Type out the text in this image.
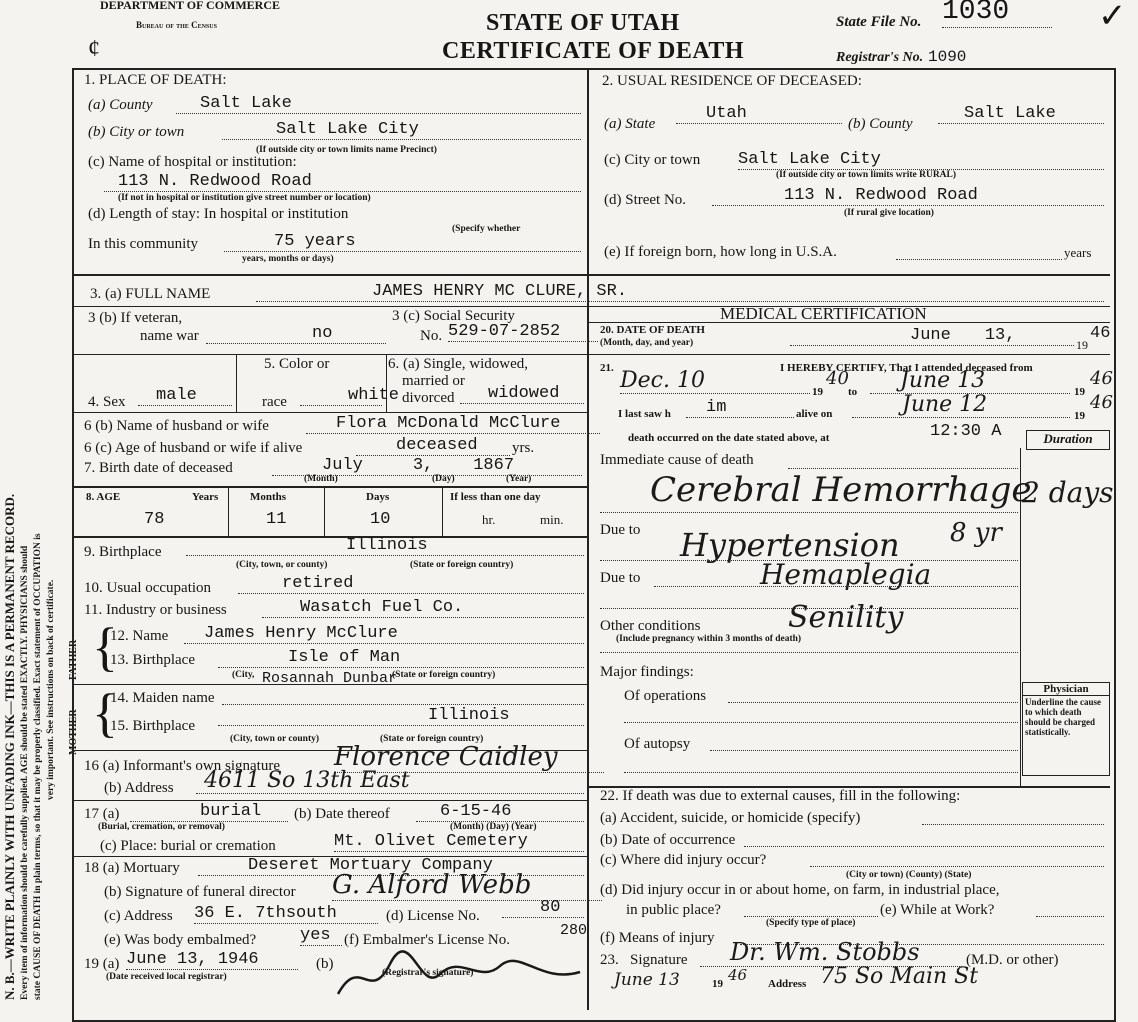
N. B.—WRITE PLAINLY WITH UNFADING INK—THIS IS A PERMANENT RECORD. Every item of information should be carefully supplied. AGE should be stated EXACTLY. PHYSICIANS should state CAUSE OF DEATH in plain terms, so that it may be properly classified. Exact statement of OCCUPATION is very important. See instructions on back of certificate. FATHER
MOTHER
DEPARTMENT OF COMMERCE
Bureau of the Census
¢
STATE OF UTAH
CERTIFICATE OF DEATH
State File No. 1030	✓
Registrar's No. 1090
1. PLACE OF DEATH:
(a) County	Salt Lake
(b) City or town	Salt Lake City
(If outside city or town limits name Precinct)
(c) Name of hospital or institution:
113 N. Redwood Road
(If not in hospital or institution give street number or location)
(d) Length of stay: In hospital or institution
(Specify whether
In this community	75 years
years, months or days)
2. USUAL RESIDENCE OF DECEASED:
(a) State
Utah
(b) County
Salt Lake
(c) City or town Salt Lake City
(If outside city or town limits write RURAL)
(d) Street No.	113 N. Redwood Road
(If rural give location)
(e) If foreign born, how long in U.S.A.	years
3. (a) FULL NAME	JAMES HENRY MC CLURE, SR.
3 (b) If veteran,
name war	no
3 (c) Social Security
No. 529-07-2852
4. Sex	male
5. Color or
race	white
6. (a) Single, widowed,
married or
divorced	widowed
6 (b) Name of husband or wife	Flora McDonald McClure
6 (c) Age of husband or wife if alive	deceased	yrs.
7. Birth date of deceased	July	3, 1867
(Month)	(Day)	(Year)
8. AGE	Years	Months	Days	If less than one day
78	11	10	hr.	min.
9. Birthplace	Illinois
(City, town, or county)	(State or foreign country)
10. Usual occupation	retired
11. Industry or business	Wasatch Fuel Co.
{
12. Name	James Henry McClure
13. Birthplace	Isle of Man
(City,	(State or foreign country)
{
14. Maiden name
Rosannah Dunbar
15. Birthplace
Illinois
(City, town or county)	(State or foreign country)
16 (a) Informant's own signature Florence Caidley
(b) Address	4611 So 13th East
17 (a)	burial
(Burial, cremation, or removal)
(b) Date thereof	6-15-46
(Month) (Day) (Year)
(c) Place: burial or cremation	Mt. Olivet Cemetery
18 (a) Mortuary	Deseret Mortuary Company
(b) Signature of funeral director G. Alford Webb
(c) Address 36 E. 7thsouth	(d) License No.	80
(e) Was body embalmed?	yes (f) Embalmer's License No.
280
19 (a) June 13, 1946
(Date received local registrar)
(b)
(Registrar's signature)
MEDICAL CERTIFICATION
20. DATE OF DEATH
(Month, day, and year)	June 13,	19
46
21.	I HEREBY CERTIFY, That I attended deceased from
Dec. 10	19
40
to	June 13	19
46
I last saw h	im	alive on	June 12	19
46
death occurred on the date stated above, at	12:30 A	Duration
Immediate cause of death
Cerebral Hemorrhage
2 days
Due to Hypertension 8 yr
Due to	Hemaplegia
Other conditions	Senility
(Include pregnancy within 3 months of death)
Major findings:
Of operations
Of autopsy
Physician
Underline the cause to which death should be charged statistically.
22. If death was due to external causes, fill in the following:
(a) Accident, suicide, or homicide (specify)
(b) Date of occurrence
(c) Where did injury occur?
(City or town) (County) (State)
(d) Did injury occur in or about home, on farm, in industrial place,
in public place?
(Specify type of place)
(e) While at Work?
(f) Means of injury
23. Signature	Dr. Wm. Stobbs	(M.D. or other)
June 13	19 46 Address 75 So Main St
